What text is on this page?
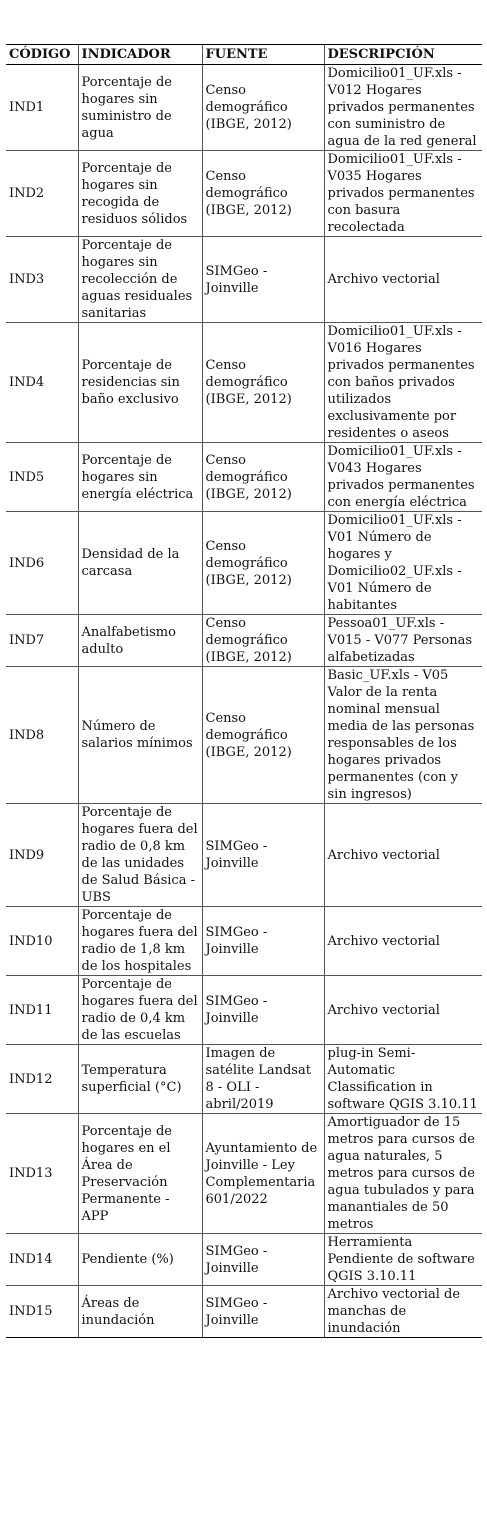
CÓDIGO	INDICADOR	FUENTE	DESCRIPCIÓN
IND1	Porcentaje de hogares sin suministro de agua	Censo demográfico (IBGE, 2012)	Domicilio01_UF.xls - V012 Hogares privados permanentes con suministro de agua de la red general
IND2	Porcentaje de hogares sin recogida de residuos sólidos	Censo demográfico (IBGE, 2012)	Domicilio01_UF.xls - V035 Hogares privados permanentes con basura recolectada
IND3	Porcentaje de hogares sin recolección de aguas residuales sanitarias	SIMGeo - Joinville	Archivo vectorial
IND4	Porcentaje de residencias sin baño exclusivo	Censo demográfico (IBGE, 2012)	Domicilio01_UF.xls - V016 Hogares privados permanentes con baños privados utilizados exclusivamente por residentes o aseos
IND5	Porcentaje de hogares sin energía eléctrica	Censo demográfico (IBGE, 2012)	Domicilio01_UF.xls - V043 Hogares privados permanentes con energía eléctrica
IND6	Densidad de la carcasa	Censo demográfico (IBGE, 2012)	Domicilio01_UF.xls - V01 Número de hogares y Domicilio02_UF.xls - V01 Número de habitantes
IND7	Analfabetismo adulto	Censo demográfico (IBGE, 2012)	Pessoa01_UF.xls - V015 - V077 Personas alfabetizadas
IND8	Número de salarios mínimos	Censo demográfico (IBGE, 2012)	Basic_UF.xls - V05 Valor de la renta nominal mensual media de las personas responsables de los hogares privados permanentes (con y sin ingresos)
IND9	Porcentaje de hogares fuera del radio de 0,8 km de las unidades de Salud Básica - UBS	SIMGeo - Joinville	Archivo vectorial
IND10	Porcentaje de hogares fuera del radio de 1,8 km de los hospitales	SIMGeo - Joinville	Archivo vectorial
IND11	Porcentaje de hogares fuera del radio de 0,4 km de las escuelas	SIMGeo - Joinville	Archivo vectorial
IND12	Temperatura superficial (°C)	Imagen de satélite Landsat 8 - OLI - abril/2019	plug-in Semi-Automatic Classification in software QGIS 3.10.11
IND13	Porcentaje de hogares en el Área de Preservación Permanente - APP	Ayuntamiento de Joinville - Ley Complementaria 601/2022	Amortiguador de 15 metros para cursos de agua naturales, 5 metros para cursos de agua tubulados y para manantiales de 50 metros
IND14	Pendiente (%)	SIMGeo - Joinville	Herramienta Pendiente de software QGIS 3.10.11
IND15	Áreas de inundación	SIMGeo - Joinville	Archivo vectorial de manchas de inundación
